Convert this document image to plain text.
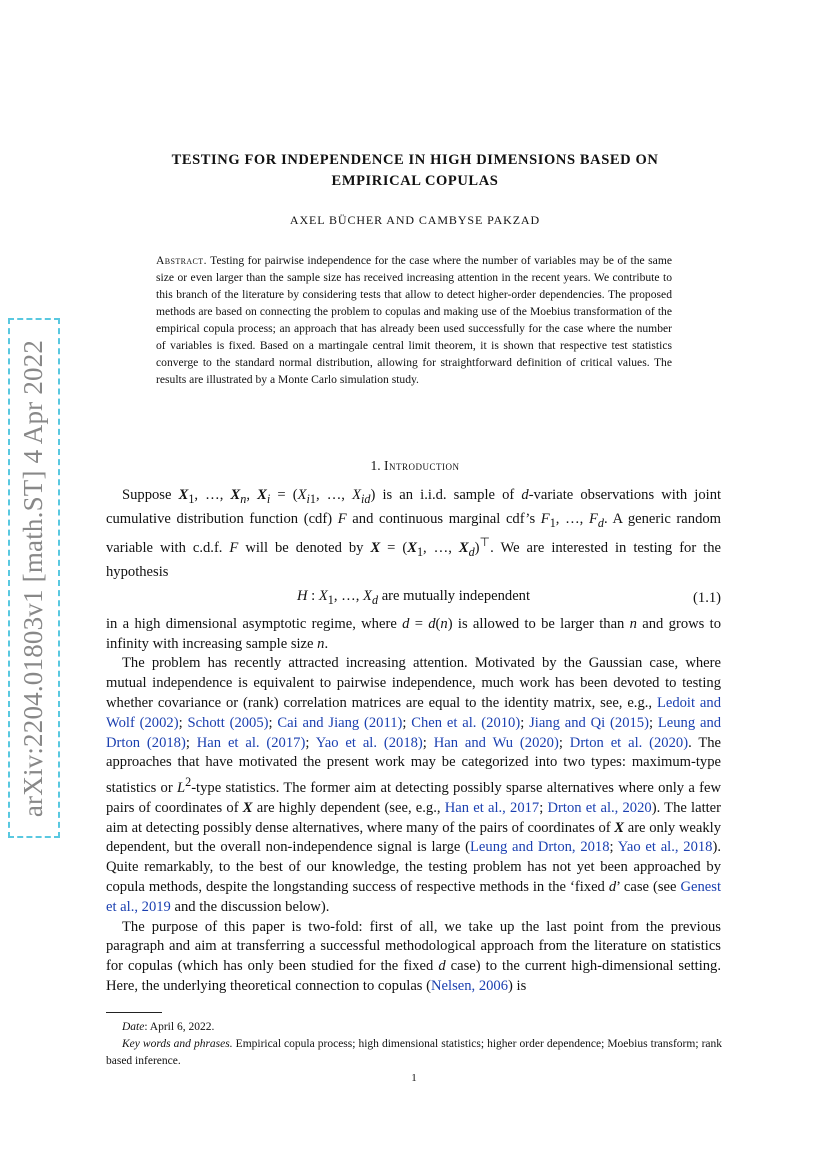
arXiv:2204.01803v1 [math.ST] 4 Apr 2022
TESTING FOR INDEPENDENCE IN HIGH DIMENSIONS BASED ON
EMPIRICAL COPULAS
AXEL BÜCHER AND CAMBYSE PAKZAD
Abstract. Testing for pairwise independence for the case where the number of variables may be of the same size or even larger than the sample size has received increasing attention in the recent years. We contribute to this branch of the literature by considering tests that allow to detect higher-order dependencies. The proposed methods are based on connecting the problem to copulas and making use of the Moebius transformation of the empirical copula process; an approach that has already been used successfully for the case where the number of variables is fixed. Based on a martingale central limit theorem, it is shown that respective test statistics converge to the standard normal distribution, allowing for straightforward definition of critical values. The results are illustrated by a Monte Carlo simulation study.
1. Introduction

Suppose $X_1$, …, $X_n$, $X_i = (X_{i1}$, …, $X_{id}$) is an i.i.d. sample of d-variate observations with joint cumulative distribution function (cdf) F and continuous marginal cdf’s $F_1$, …, $F_d$. A generic random variable with c.d.f. F will be denoted by $X = (X_1$, …, $X_d)^⊤$. We are interested in testing for the hypothesis

H : $X_1$, …, $X_d$ are mutually independent	(1.1)

in a high dimensional asymptotic regime, where d = d(n) is allowed to be larger than n and grows to infinity with increasing sample size n.

The problem has recently attracted increasing attention. Motivated by the Gaussian case, where mutual independence is equivalent to pairwise independence, much work has been devoted to testing whether covariance or (rank) correlation matrices are equal to the identity matrix, see, e.g., Ledoit and Wolf (2002); Schott (2005); Cai and Jiang (2011); Chen et al. (2010); Jiang and Qi (2015); Leung and Drton (2018); Han et al. (2017); Yao et al. (2018); Han and Wu (2020); Drton et al. (2020). The approaches that have motivated the present work may be categorized into two types: maximum-type statistics or $L^2$-type statistics. The former aim at detecting possibly sparse alternatives where only a few pairs of coordinates of X are highly dependent (see, e.g., Han et al., 2017; Drton et al., 2020). The latter aim at detecting possibly dense alternatives, where many of the pairs of coordinates of X are only weakly dependent, but the overall non-independence signal is large (Leung and Drton, 2018; Yao et al., 2018). Quite remarkably, to the best of our knowledge, the testing problem has not yet been approached by copula methods, despite the longstanding success of respective methods in the ‘fixed d’ case (see Genest et al., 2019 and the discussion below).

The purpose of this paper is two-fold: first of all, we take up the last point from the previous paragraph and aim at transferring a successful methodological approach from the literature on statistics for copulas (which has only been studied for the fixed d case) to the current high-dimensional setting. Here, the underlying theoretical connection to copulas (Nelsen, 2006) is

Date: April 6, 2022.

Key words and phrases. Empirical copula process; high dimensional statistics; higher order dependence; Moebius transform; rank based inference.

1
